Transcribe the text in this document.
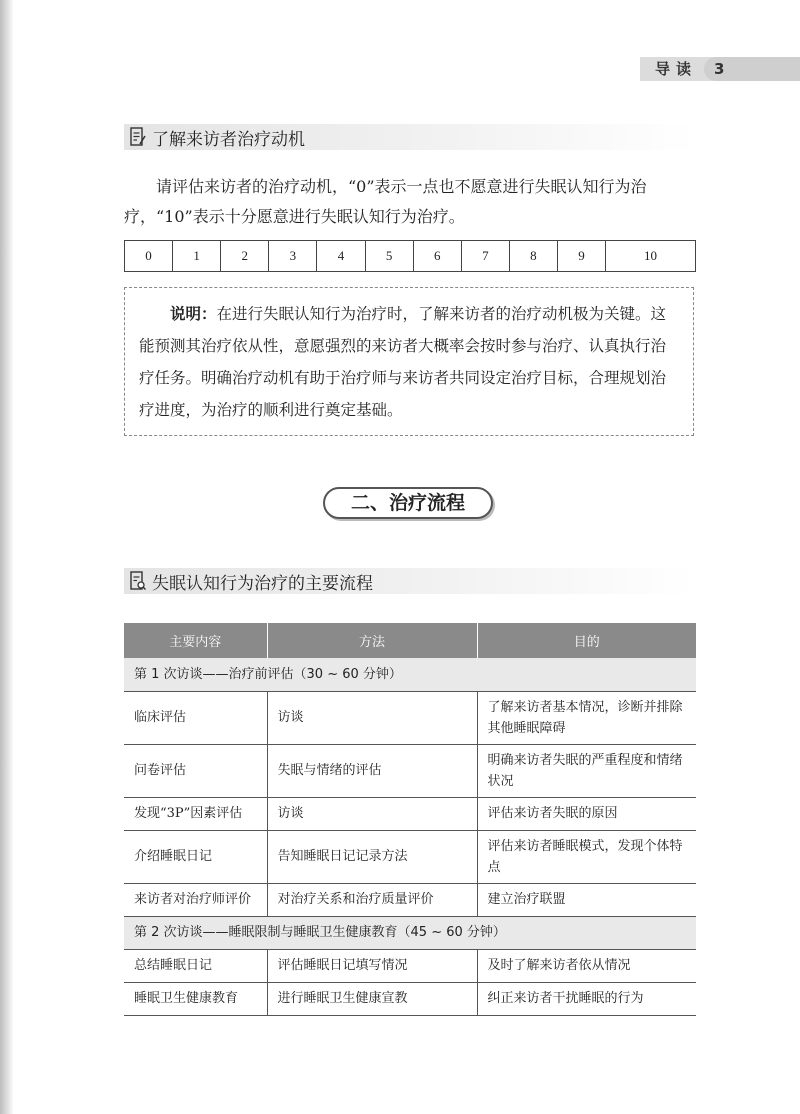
导读	3
了解来访者治疗动机
请评估来访者的治疗动机，“0”表示一点也不愿意进行失眠认知行为治疗，“10”表示十分愿意进行失眠认知行为治疗。
0	1	2	3	4	5	6	7	8	9	10
说明：在进行失眠认知行为治疗时，了解来访者的治疗动机极为关键。这能预测其治疗依从性，意愿强烈的来访者大概率会按时参与治疗、认真执行治疗任务。明确治疗动机有助于治疗师与来访者共同设定治疗目标，合理规划治疗进度，为治疗的顺利进行奠定基础。
二、治疗流程
失眠认知行为治疗的主要流程
主要内容	方法	目的
第 1 次访谈——治疗前评估（30 ~ 60 分钟）		
临床评估	访谈	了解来访者基本情况，诊断并排除其他睡眠障碍
问卷评估	失眠与情绪的评估	明确来访者失眠的严重程度和情绪状况
发现“3P”因素评估	访谈	评估来访者失眠的原因
介绍睡眠日记	告知睡眠日记记录方法	评估来访者睡眠模式，发现个体特点
来访者对治疗师评价	对治疗关系和治疗质量评价	建立治疗联盟
第 2 次访谈——睡眠限制与睡眠卫生健康教育（45 ~ 60 分钟）		
总结睡眠日记	评估睡眠日记填写情况	及时了解来访者依从情况
睡眠卫生健康教育	进行睡眠卫生健康宣教	纠正来访者干扰睡眠的行为
